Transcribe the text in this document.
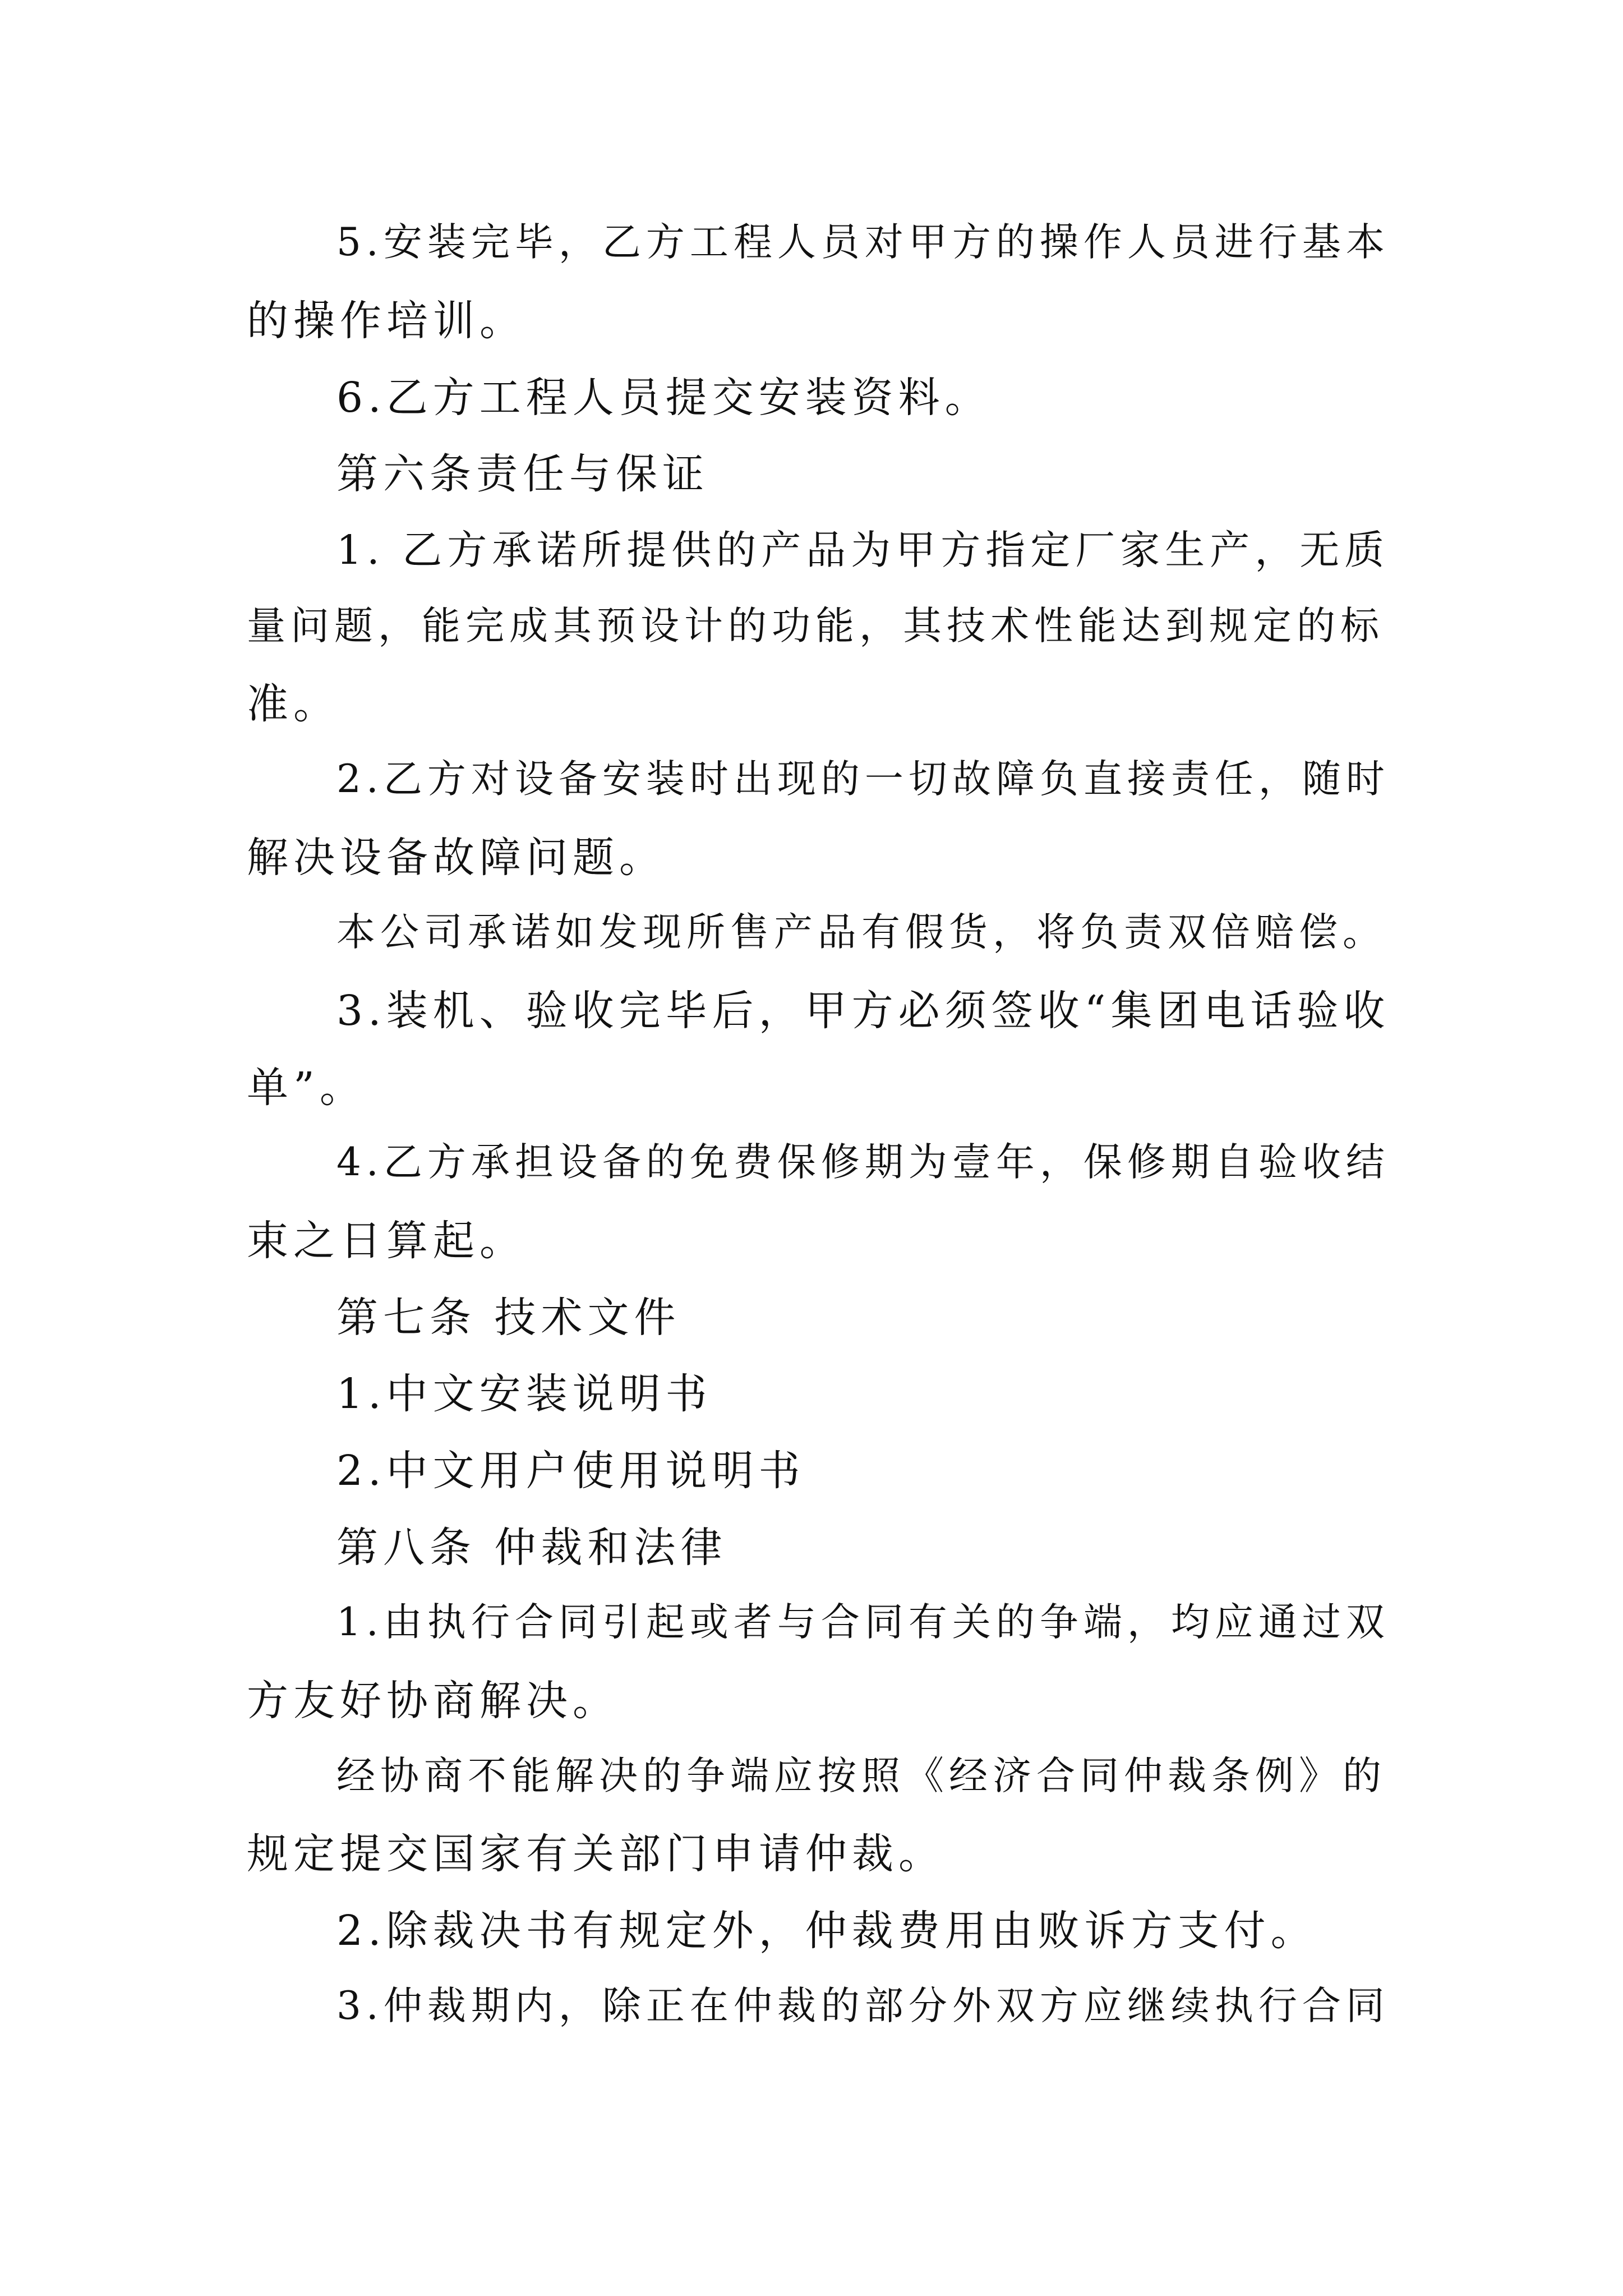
5.安装完毕，乙方工程人员对甲方的操作人员进行基本
的操作培训。
6.乙方工程人员提交安装资料。
第六条责任与保证
1. 乙方承诺所提供的产品为甲方指定厂家生产，无质
量问题，能完成其预设计的功能，其技术性能达到规定的标
准。
2.乙方对设备安装时出现的一切故障负直接责任，随时
解决设备故障问题。
本公司承诺如发现所售产品有假货，将负责双倍赔偿。
3.装机、验收完毕后，甲方必须签收“集团电话验收
单”。
4.乙方承担设备的免费保修期为壹年，保修期自验收结
束之日算起。
第七条 技术文件
1.中文安装说明书
2.中文用户使用说明书
第八条 仲裁和法律
1.由执行合同引起或者与合同有关的争端，均应通过双
方友好协商解决。
经协商不能解决的争端应按照《经济合同仲裁条例》的
规定提交国家有关部门申请仲裁。
2.除裁决书有规定外，仲裁费用由败诉方支付。
3.仲裁期内，除正在仲裁的部分外双方应继续执行合同
